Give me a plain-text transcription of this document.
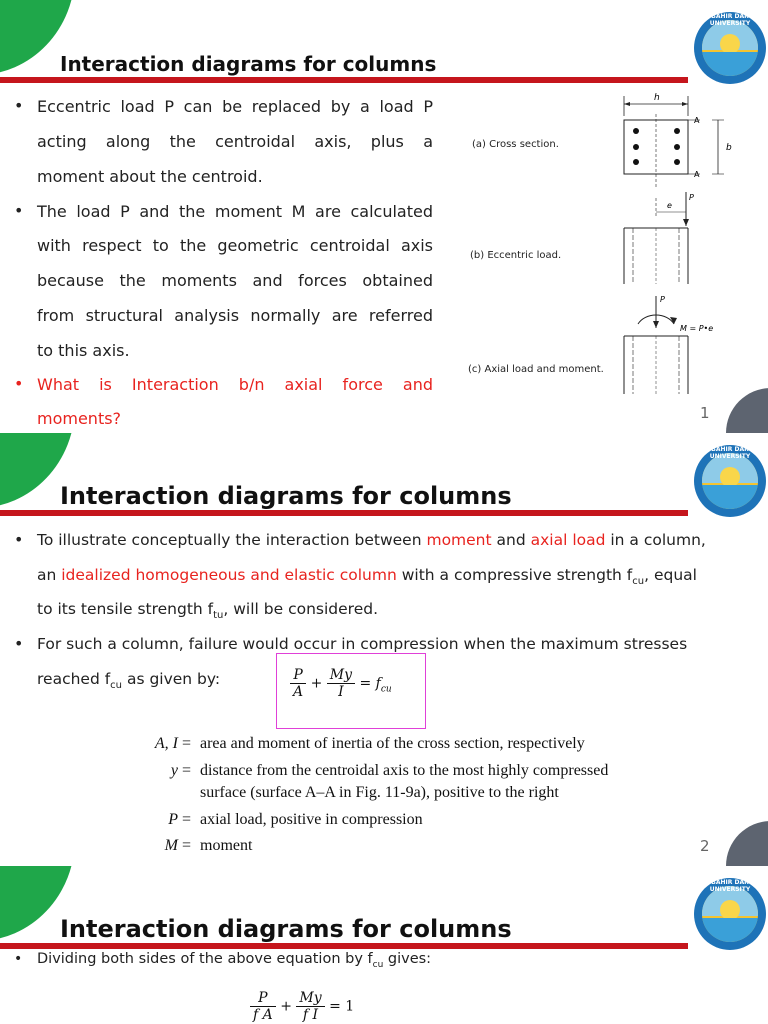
Interaction diagrams for columns
BAHIR DAR UNIVERSITY
• Eccentric load P can be replaced by a load P
acting along the centroidal axis, plus a
moment about the centroid.
• The load P and the moment M are calculated
with respect to the geometric centroidal axis
because the moments and forces obtained
from structural analysis normally are referred
to this axis.
• What is Interaction b/n axial force and
moments?
(a) Cross section.
(b) Eccentric load.
(c) Axial load and moment.
h
A
A
b
P
e
P
M = P•e
1
Interaction diagrams for columns
BAHIR DAR UNIVERSITY
• To illustrate conceptually the interaction between moment and axial load in a column,
an idealized homogeneous and elastic column with a compressive strength $f_{cu}$, equal
to its tensile strength $f_{tu}$, will be considered.
• For such a column, failure would occur in compression when the maximum stresses
reached $f_{cu}$ as given by:	$\frac{P}{A} + \frac{My}{I} = f_{cu}$
A, I = area and moment of inertia of the cross section, respectively
y = distance from the centroidal axis to the most highly compressed
surface (surface A–A in Fig. 11-9a), positive to the right
P = axial load, positive in compression
M = moment	2
Interaction diagrams for columns
BAHIR DAR UNIVERSITY
• Dividing both sides of the above equation by $f_{cu}$ gives:
$\frac{P}{\text{f A}} + \frac{My}{\text{f I}} = 1$
